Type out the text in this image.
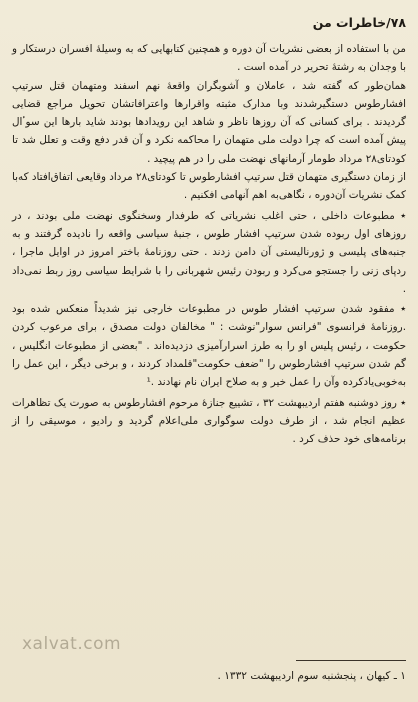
۷۸/خاطرات من

من با استفاده از بعضی نشریات آن دوره و همچنین کتابهایی که به وسیله‌ٔ افسران درستکار و با وجدان به رشته‌ٔ تحریر در آمده است .

همان‌طور که گفته شد ، عاملان و آشوبگران واقعه‌ٔ نهم اسفند ومتهمان قتل سرتیپ افشارطوس دستگیرشدند وبا مدارک مثبته واقرارها واعترافاتشان تحویل مراجع قضایی گردیدند . برای کسانی که آن روزها ناظر و شاهد این رویدادها بودند شاید بارها این سوٴال پیش آمده است که چرا دولت ملی متهمان را محاکمه نکرد و آن قدر دفع وقت و تعلل شد تا کودتای۲۸ مرداد طومار آرمانهای نهضت ملی را در هم پیچید .

از زمان دستگیری متهمان قتل سرتیپ افشارطوس تا کودتای۲۸ مرداد وقایعی اتفاق‌افتاد که‌با کمک نشریات آن‌دوره ، نگاهی‌به اهم آنهامی افکنیم .

٭ مطبوعات داخلی ، حتی اغلب نشریاتی که طرفدار وسخنگوی نهضت ملی بودند ، در روزهای اول ربوده شدن سرتیپ افشار طوس ، جنبه‌ٔ سیاسی واقعه را نادیده گرفتند و به جنبه‌های پلیسی و ژورنالیستی آن دامن زدند . حتی روزنامه‌ٔ باختر امروز در اوایل ماجرا ، ردپای زنی را جستجو می‌کرد و ربودن رئیس شهربانی را با شرایط سیاسی روز ربط نمی‌داد .

٭ مفقود شدن سرتیپ افشار طوس در مطبوعات خارجی نیز شدیداً منعکس شده بود .روزنامه‌ٔ فرانسوی "فرانس سوار"نوشت : " مخالفان دولت مصدق ، برای مرعوب کردن حکومت ، رئیس پلیس او را به طرز اسرارآمیزی دزدیده‌اند . "بعضی از مطبوعات انگلیس ، گم شدن سرتیپ افشارطوس را "ضعف حکومت"قلمداد کردند ، و برخی دیگر ، این عمل را به‌خوبی‌یادکرده وآن را عمل خیر و به صلاح ایران نام نهادند .¹

٭ روز دوشنبه هفتم اردیبهشت ۳۲ ، تشییع جنازه‌ٔ مرحوم افشارطوس به صورت یک تظاهرات عظیم انجام شد ، از طرف دولت سوگواری ملی‌اعلام گردید و رادیو ، موسیقی را از برنامه‌های خود حذف کرد .

xalvat.com
۱ ـ کیهان ، پنجشنبه سوم اردیبهشت ۱۳۳۲ .
